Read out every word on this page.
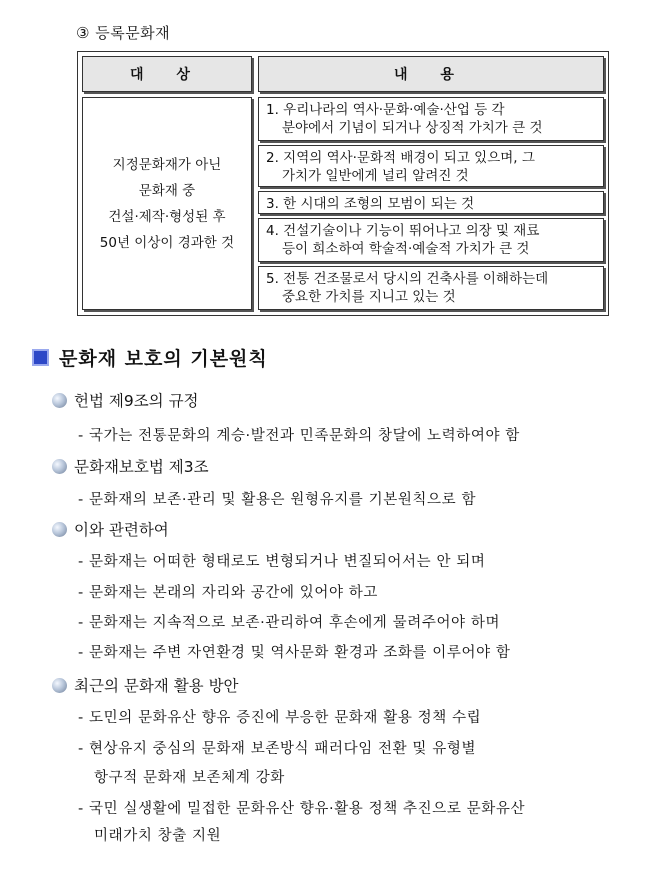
③ 등록문화재
대 상	내 용
지정문화재가 아닌
문화재 중
건설·제작·형성된 후
50년 이상이 경과한 것
1. 우리나라의 역사·문화·예술·산업 등 각
분야에서 기념이 되거나 상징적 가치가 큰 것
2. 지역의 역사·문화적 배경이 되고 있으며, 그
가치가 일반에게 널리 알려진 것
3. 한 시대의 조형의 모범이 되는 것
4. 건설기술이나 기능이 뛰어나고 의장 및 재료
등이 희소하여 학술적·예술적 가치가 큰 것
5. 전통 건조물로서 당시의 건축사를 이해하는데
중요한 가치를 지니고 있는 것
문화재 보호의 기본원칙
헌법 제9조의 규정
- 국가는 전통문화의 계승·발전과 민족문화의 창달에 노력하여야 함
문화재보호법 제3조
- 문화재의 보존·관리 및 활용은 원형유지를 기본원칙으로 함
이와 관련하여
- 문화재는 어떠한 형태로도 변형되거나 변질되어서는 안 되며
- 문화재는 본래의 자리와 공간에 있어야 하고
- 문화재는 지속적으로 보존·관리하여 후손에게 물려주어야 하며
- 문화재는 주변 자연환경 및 역사문화 환경과 조화를 이루어야 함
최근의 문화재 활용 방안
- 도민의 문화유산 향유 증진에 부응한 문화재 활용 정책 수립
- 현상유지 중심의 문화재 보존방식 패러다임 전환 및 유형별
항구적 문화재 보존체계 강화
- 국민 실생활에 밀접한 문화유산 향유·활용 정책 추진으로 문화유산
미래가치 창출 지원
